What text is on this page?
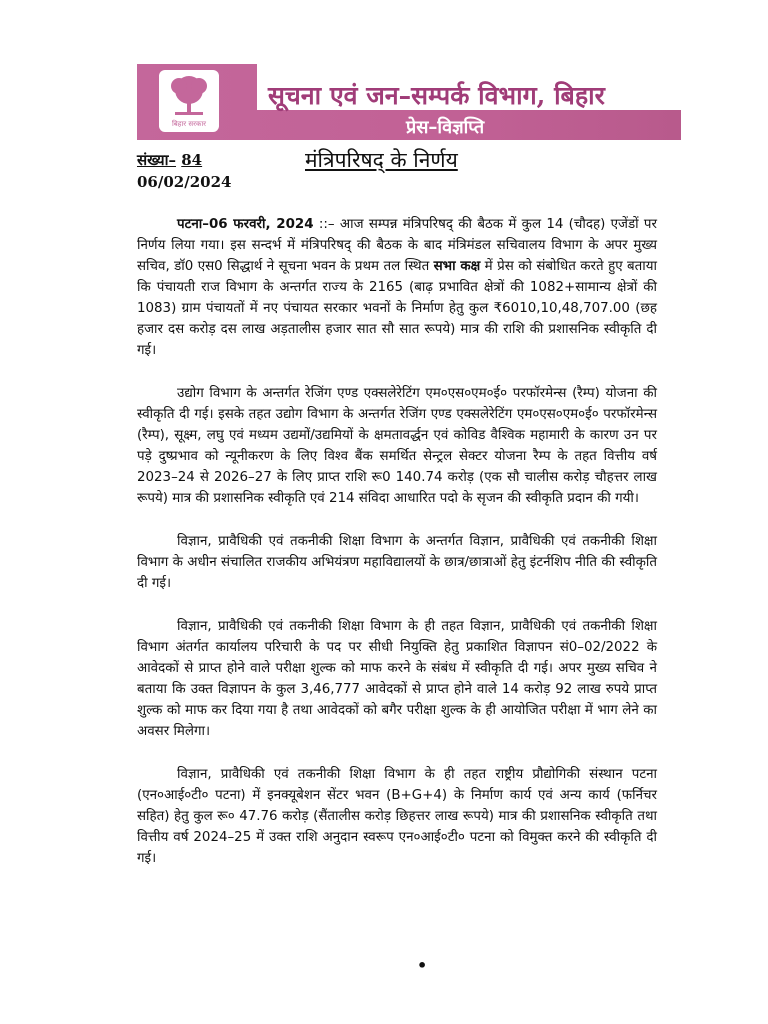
बिहार सरकार
सूचना एवं जन–सम्पर्क विभाग, बिहार
प्रेस–विज्ञप्ति
संख्या– 84
06/02/2024
मंत्रिपरिषद् के निर्णय

पटना–06 फरवरी, 2024 ::– आज सम्पन्न मंत्रिपरिषद् की बैठक में कुल 14 (चौदह) एजेंडों पर निर्णय लिया गया। इस सन्दर्भ में मंत्रिपरिषद् की बैठक के बाद मंत्रिमंडल सचिवालय विभाग के अपर मुख्य सचिव, डॉ0 एस0 सिद्धार्थ ने सूचना भवन के प्रथम तल स्थित सभा कक्ष में प्रेस को संबोधित करते हुए बताया कि पंचायती राज विभाग के अन्तर्गत राज्य के 2165 (बाढ़ प्रभावित क्षेत्रों की 1082+सामान्य क्षेत्रों की 1083) ग्राम पंचायतों में नए पंचायत सरकार भवनों के निर्माण हेतु कुल ₹6010,10,48,707.00 (छह हजार दस करोड़ दस लाख अड़तालीस हजार सात सौ सात रूपये) मात्र की राशि की प्रशासनिक स्वीकृति दी गई।

उद्योग विभाग के अन्तर्गत रेजिंग एण्ड एक्सलेरेटिंग एम०एस०एम०ई० परफॉरमेन्स (रैम्प) योजना की स्वीकृति दी गई। इसके तहत उद्योग विभाग के अन्तर्गत रेजिंग एण्ड एक्सलेरेटिंग एम०एस०एम०ई० परफॉरमेन्स (रैम्प), सूक्ष्म, लघु एवं मध्यम उद्यमों/उद्यमियों के क्षमतावर्द्धन एवं कोविड वैश्विक महामारी के कारण उन पर पड़े दुष्प्रभाव को न्यूनीकरण के लिए विश्व बैंक समर्थित सेन्ट्रल सेक्टर योजना रैम्प के तहत वित्तीय वर्ष 2023–24 से 2026–27 के लिए प्राप्त राशि रू0 140.74 करोड़ (एक सौ चालीस करोड़ चौहत्तर लाख रूपये) मात्र की प्रशासनिक स्वीकृति एवं 214 संविदा आधारित पदो के सृजन की स्वीकृति प्रदान की गयी।

विज्ञान, प्रावैधिकी एवं तकनीकी शिक्षा विभाग के अन्तर्गत विज्ञान, प्रावैधिकी एवं तकनीकी शिक्षा विभाग के अधीन संचालित राजकीय अभियंत्रण महाविद्यालयों के छात्र/छात्राओं हेतु इंटर्नशिप नीति की स्वीकृति दी गई।

विज्ञान, प्रावैधिकी एवं तकनीकी शिक्षा विभाग के ही तहत विज्ञान, प्रावैधिकी एवं तकनीकी शिक्षा विभाग अंतर्गत कार्यालय परिचारी के पद पर सीधी नियुक्ति हेतु प्रकाशित विज्ञापन सं0–02/2022 के आवेदकों से प्राप्त होने वाले परीक्षा शुल्क को माफ करने के संबंध में स्वीकृति दी गई। अपर मुख्य सचिव ने बताया कि उक्त विज्ञापन के कुल 3,46,777 आवेदकों से प्राप्त होने वाले 14 करोड़ 92 लाख रुपये प्राप्त शुल्क को माफ कर दिया गया है तथा आवेदकों को बगैर परीक्षा शुल्क के ही आयोजित परीक्षा में भाग लेने का अवसर मिलेगा।

विज्ञान, प्रावैधिकी एवं तकनीकी शिक्षा विभाग के ही तहत राष्ट्रीय प्रौद्योगिकी संस्थान पटना (एन०आई०टी० पटना) में इनक्यूबेशन सेंटर भवन (B+G+4) के निर्माण कार्य एवं अन्य कार्य (फर्निचर सहित) हेतु कुल रू० 47.76 करोड़ (सैंतालीस करोड़ छिहत्तर लाख रूपये) मात्र की प्रशासनिक स्वीकृति तथा वित्तीय वर्ष 2024–25 में उक्त राशि अनुदान स्वरूप एन०आई०टी० पटना को विमुक्त करने की स्वीकृति दी गई।

•
